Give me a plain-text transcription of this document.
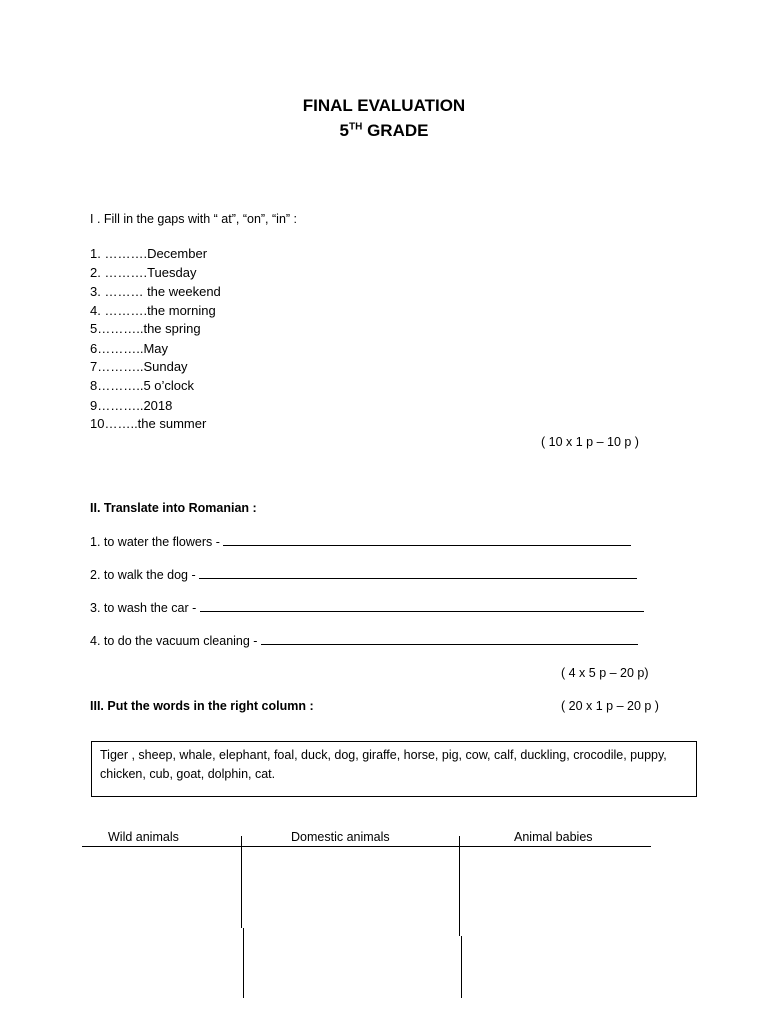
FINAL EVALUATION
5TH GRADE
I . Fill in the gaps with “ at”, “on”, “in” :
1. ……….December
2. ……….Tuesday
3. ……… the weekend
4. ……….the morning
5………..the spring
6………..May
7………..Sunday
8………..5 o’clock
9………..2018
10……..the summer
( 10 x 1 p – 10 p )
II. Translate into Romanian :
1. to water the flowers -
2. to walk the dog -
3. to wash the car -
4. to do the vacuum cleaning -
( 4 x 5 p – 20 p)
III. Put the words in the right column :	( 20 x 1 p – 20 p )
Tiger , sheep, whale, elephant, foal, duck, dog, giraffe, horse, pig, cow, calf, duckling, crocodile, puppy, chicken, cub, goat, dolphin, cat.
Wild animals	Domestic animals	Animal babies
